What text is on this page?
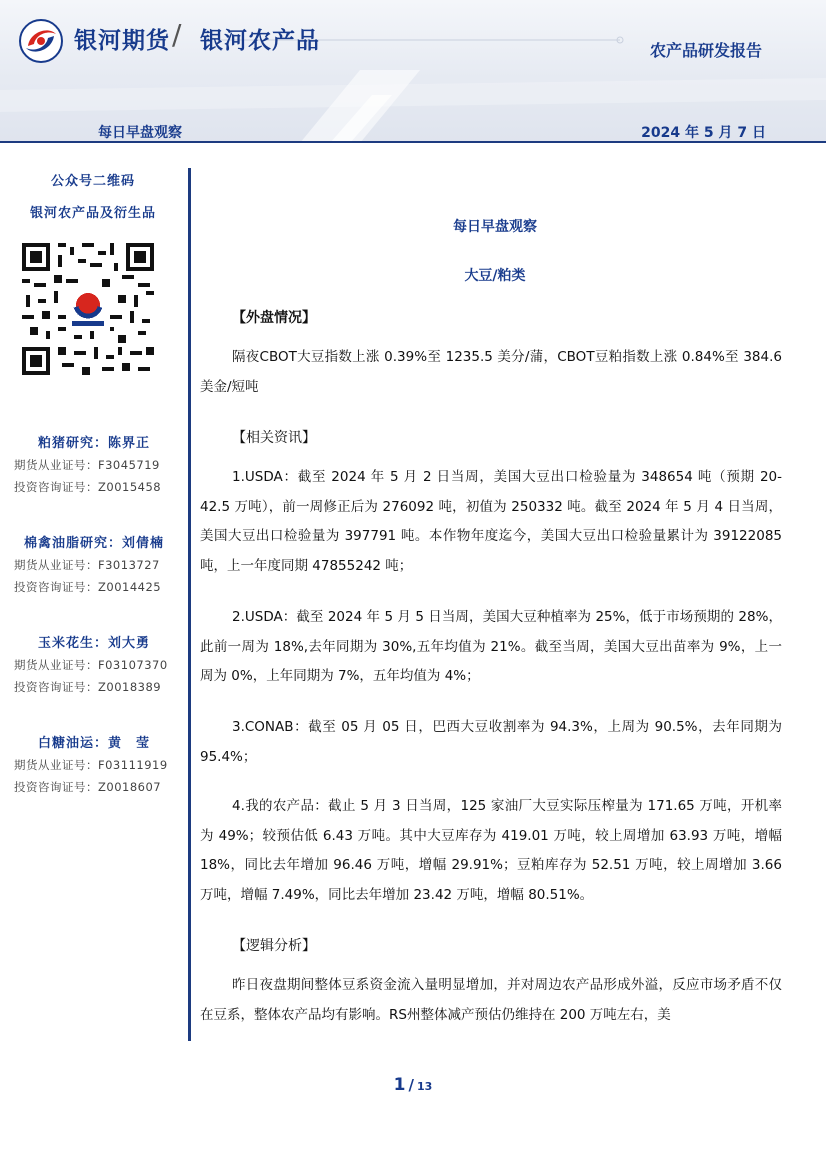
银河期货 / 银河农产品	农产品研发报告
每日早盘观察	2024 年 5 月 7 日
公众号二维码
银河农产品及衍生品
粕猪研究：陈界正
期货从业证号：F3045719
投资咨询证号：Z0015458
棉禽油脂研究：刘倩楠
期货从业证号：F3013727
投资咨询证号：Z0014425
玉米花生：刘大勇
期货从业证号：F03107370
投资咨询证号：Z0018389
白糖油运：黄　莹
期货从业证号：F03111919
投资咨询证号：Z0018607
每日早盘观察
大豆/粕类
【外盘情况】

隔夜CBOT大豆指数上涨 0.39%至 1235.5 美分/蒲，CBOT豆粕指数上涨 0.84%至 384.6 美金/短吨

【相关资讯】

1.USDA：截至 2024 年 5 月 2 日当周，美国大豆出口检验量为 348654 吨（预期 20-42.5 万吨），前一周修正后为 276092 吨，初值为 250332 吨。截至 2024 年 5 月 4 日当周，美国大豆出口检验量为 397791 吨。本作物年度迄今，美国大豆出口检验量累计为 39122085 吨，上一年度同期 47855242 吨；

2.USDA：截至 2024 年 5 月 5 日当周，美国大豆种植率为 25%，低于市场预期的 28%，此前一周为 18%,去年同期为 30%,五年均值为 21%。截至当周，美国大豆出苗率为 9%，上一周为 0%，上年同期为 7%，五年均值为 4%；

3.CONAB：截至 05 月 05 日，巴西大豆收割率为 94.3%，上周为 90.5%，去年同期为 95.4%；

4.我的农产品：截止 5 月 3 日当周，125 家油厂大豆实际压榨量为 171.65 万吨，开机率为 49%；较预估低 6.43 万吨。其中大豆库存为 419.01 万吨，较上周增加 63.93 万吨，增幅 18%，同比去年增加 96.46 万吨，增幅 29.91%；豆粕库存为 52.51 万吨，较上周增加 3.66 万吨，增幅 7.49%，同比去年增加 23.42 万吨，增幅 80.51%。

【逻辑分析】

昨日夜盘期间整体豆系资金流入量明显增加，并对周边农产品形成外溢，反应市场矛盾不仅在豆系，整体农产品均有影响。RS州整体减产预估仍维持在 200 万吨左右，美

1 / 13
